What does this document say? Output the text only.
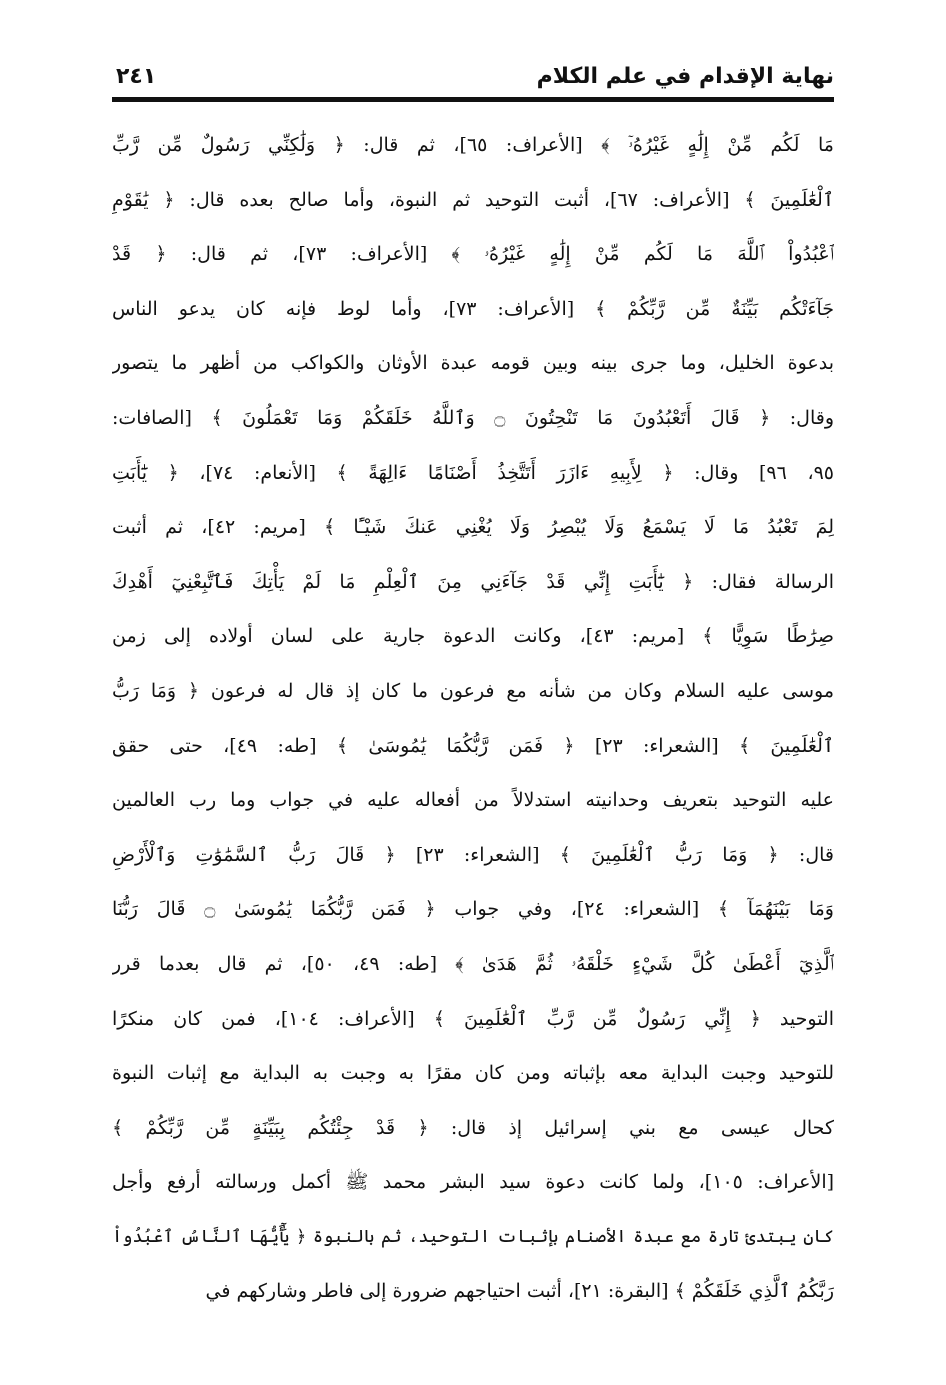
نهاية الإقدام في علم الكلام
٢٤١
مَا لَكُم مِّنْ إِلَٰهٍ غَيْرُهُۥٓ ﴾ [الأعراف: ٦٥]، ثم قال: ﴿ وَلَٰكِنِّي رَسُولٌ مِّن رَّبِّ
ٱلْعَٰلَمِينَ ﴾ [الأعراف: ٦٧]، أثبت التوحيد ثم النبوة، وأما صالح بعده قال: ﴿ يَٰقَوْمِ
ٱعْبُدُواْ ٱللَّهَ مَا لَكُم مِّنْ إِلَٰهٍ غَيْرُهُۥ ﴾ [الأعراف: ٧٣]، ثم قال: ﴿ قَدْ
جَآءَتْكُم بَيِّنَةٌ مِّن رَّبِّكُمْ ﴾ [الأعراف: ٧٣]، وأما لوط فإنه كان يدعو الناس
بدعوة الخليل، وما جرى بينه وبين قومه عبدة الأوثان والكواكب من أظهر ما يتصور
وقال: ﴿ قَالَ أَتَعْبُدُونَ مَا تَنْحِتُونَ ۝ وَٱللَّهُ خَلَقَكُمْ وَمَا تَعْمَلُونَ ﴾ [الصافات:
٩٥، ٩٦] وقال: ﴿ لِأَبِيهِ ءَازَرَ أَتَتَّخِذُ أَصْنَامًا ءَالِهَةً ﴾ [الأنعام: ٧٤]، ﴿ يَٰٓأَبَتِ
لِمَ تَعْبُدُ مَا لَا يَسْمَعُ وَلَا يُبْصِرُ وَلَا يُغْنِي عَنكَ شَيْـًٔا ﴾ [مريم: ٤٢]، ثم أثبت
الرسالة فقال: ﴿ يَٰٓأَبَتِ إِنِّي قَدْ جَآءَنِي مِنَ ٱلْعِلْمِ مَا لَمْ يَأْتِكَ فَٱتَّبِعْنِيٓ أَهْدِكَ
صِرَٰطًا سَوِيًّا ﴾ [مريم: ٤٣]، وكانت الدعوة جارية على لسان أولاده إلى زمن
موسى عليه السلام وكان من شأنه مع فرعون ما كان إذ قال له فرعون ﴿ وَمَا رَبُّ
ٱلْعَٰلَمِينَ ﴾ [الشعراء: ٢٣] ﴿ فَمَن رَّبُّكُمَا يَٰمُوسَىٰ ﴾ [طه: ٤٩]، حتى حقق
عليه التوحيد بتعريف وحدانيته استدلالاً من أفعاله عليه في جواب وما رب العالمين
قال: ﴿ وَمَا رَبُّ ٱلْعَٰلَمِينَ ﴾ [الشعراء: ٢٣] ﴿ قَالَ رَبُّ ٱلسَّمَٰوَٰتِ وَٱلْأَرْضِ
وَمَا بَيْنَهُمَآ ﴾ [الشعراء: ٢٤]، وفي جواب ﴿ فَمَن رَّبُّكُمَا يَٰمُوسَىٰ ۝ قَالَ رَبُّنَا
ٱلَّذِيٓ أَعْطَىٰ كُلَّ شَيْءٍ خَلْقَهُۥ ثُمَّ هَدَىٰ ﴾ [طه: ٤٩، ٥٠]، ثم قال بعدما قرر
التوحيد ﴿ إِنِّي رَسُولٌ مِّن رَّبِّ ٱلْعَٰلَمِينَ ﴾ [الأعراف: ١٠٤]، فمن كان منكرًا
للتوحيد وجبت البداية معه بإثباته ومن كان مقرًا به وجبت به البداية مع إثبات النبوة
كحال عيسى مع بني إسرائيل إذ قال: ﴿ قَدْ جِئْتُكُم بِبَيِّنَةٍ مِّن رَّبِّكُمْ ﴾
[الأعراف: ١٠٥]، ولما كانت دعوة سيد البشر محمد ﷺ أكمل ورسالته أرفع وأجل
كان يبتدئ تارة مع عبدة الأصنام بإثبات التوحيد، ثم بالنبوة ﴿ يَٰٓأَيُّهَا ٱلنَّاسُ ٱعْبُدُواْ
رَبَّكُمُ ٱلَّذِي خَلَقَكُمْ ﴾ [البقرة: ٢١]، أثبت احتياجهم ضرورة إلى فاطر وشاركهم في
